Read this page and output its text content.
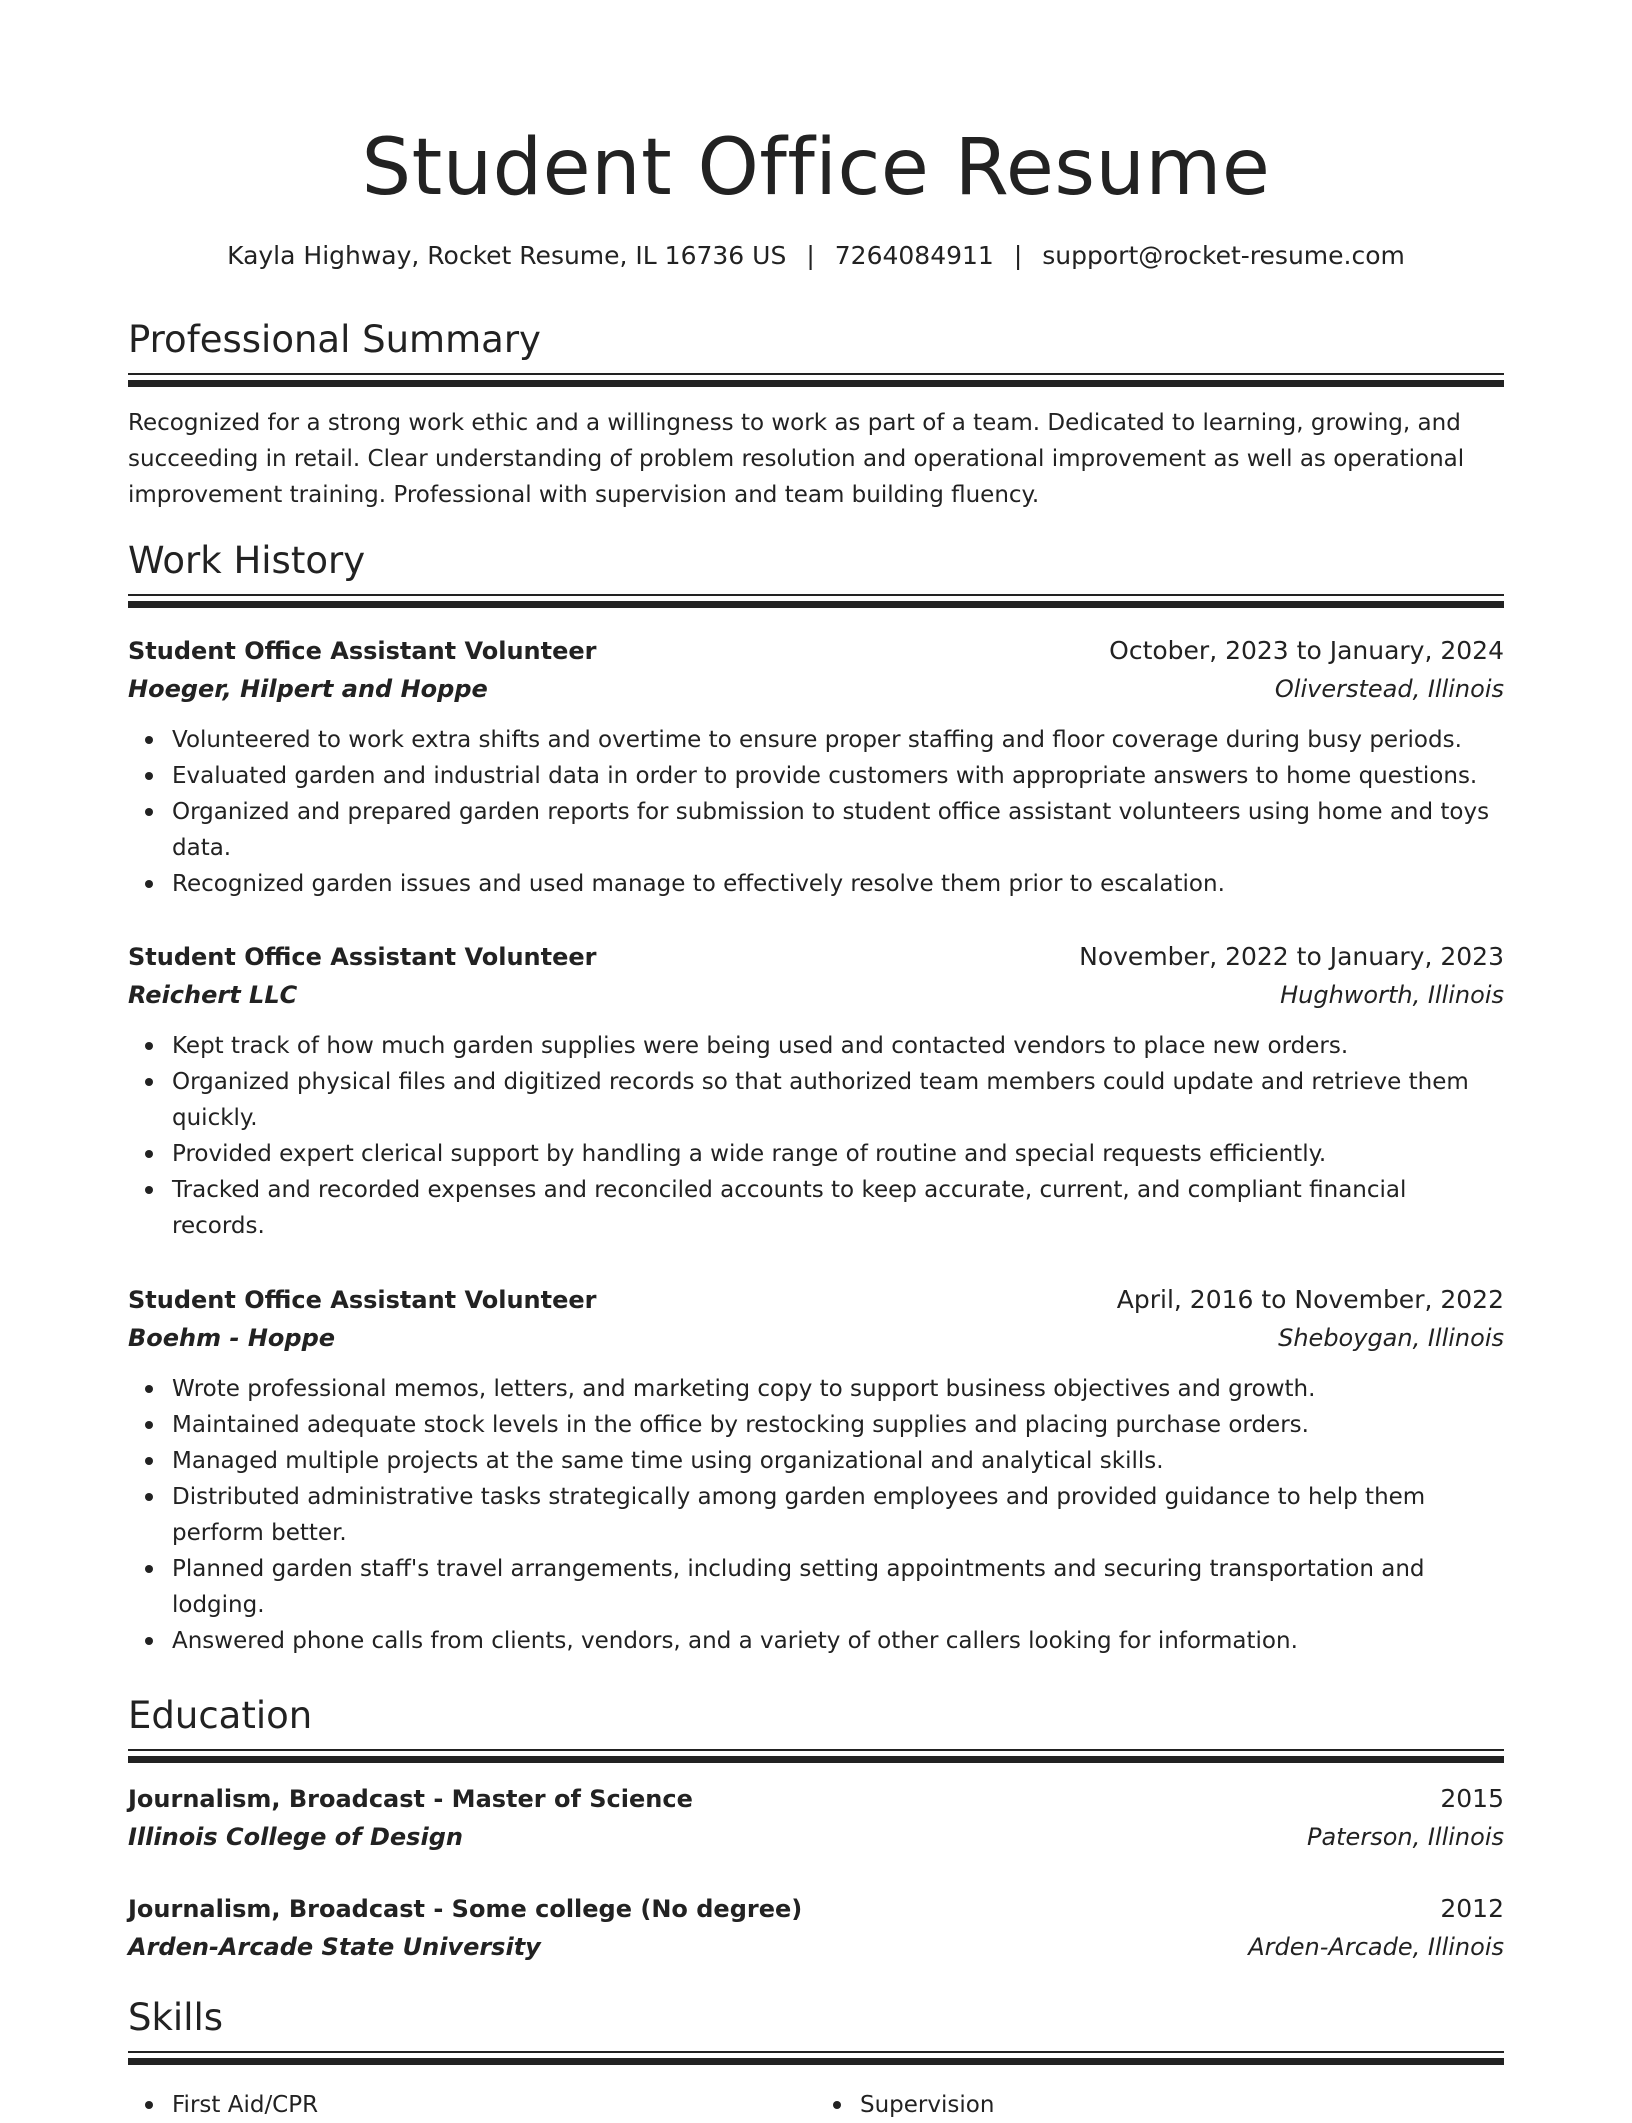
Student Office Resume
Kayla Highway, Rocket Resume, IL 16736 US | 7264084911 | support@rocket-resume.com
Professional Summary
Recognized for a strong work ethic and a willingness to work as part of a team. Dedicated to learning, growing, and succeeding in retail. Clear understanding of problem resolution and operational improvement as well as operational improvement training. Professional with supervision and team building fluency.
Work History
Student Office Assistant Volunteer	October, 2023 to January, 2024
Hoeger, Hilpert and Hoppe	Oliverstead, Illinois
Volunteered to work extra shifts and overtime to ensure proper staffing and floor coverage during busy periods.
Evaluated garden and industrial data in order to provide customers with appropriate answers to home questions.
Organized and prepared garden reports for submission to student office assistant volunteers using home and toys data.
Recognized garden issues and used manage to effectively resolve them prior to escalation.
Student Office Assistant Volunteer	November, 2022 to January, 2023
Reichert LLC	Hughworth, Illinois
Kept track of how much garden supplies were being used and contacted vendors to place new orders.
Organized physical files and digitized records so that authorized team members could update and retrieve them quickly.
Provided expert clerical support by handling a wide range of routine and special requests efficiently.
Tracked and recorded expenses and reconciled accounts to keep accurate, current, and compliant financial records.
Student Office Assistant Volunteer	April, 2016 to November, 2022
Boehm - Hoppe	Sheboygan, Illinois
Wrote professional memos, letters, and marketing copy to support business objectives and growth.
Maintained adequate stock levels in the office by restocking supplies and placing purchase orders.
Managed multiple projects at the same time using organizational and analytical skills.
Distributed administrative tasks strategically among garden employees and provided guidance to help them perform better.
Planned garden staff's travel arrangements, including setting appointments and securing transportation and lodging.
Answered phone calls from clients, vendors, and a variety of other callers looking for information.
Education
Journalism, Broadcast - Master of Science	2015
Illinois College of Design	Paterson, Illinois
Journalism, Broadcast - Some college (No degree)	2012
Arden-Arcade State University	Arden-Arcade, Illinois
Skills
First Aid/CPR	Supervision
